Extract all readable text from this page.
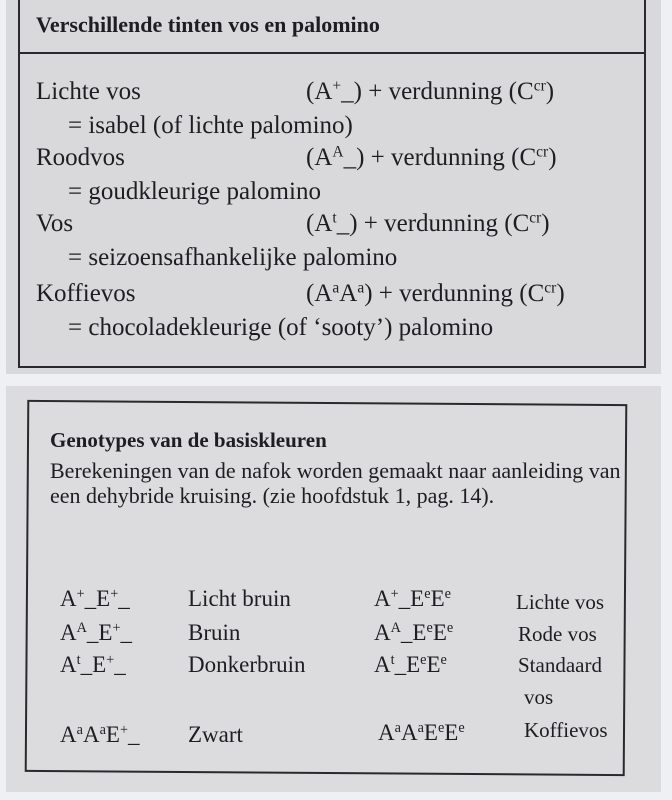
Verschillende tinten vos en palomino
Lichte vos	(A+_) + verdunning $(C^{cr})$
= isabel (of lichte palomino)
Roodvos	$(A^A\_)$ + verdunning $(C^{cr})$
= goudkleurige palomino
Vos	$(A^t\_)$ + verdunning $(C^{cr})$
= seizoensafhankelijke palomino
Koffievos	$(A^aA^a)$ + verdunning $(C^{cr})$
= chocoladekleurige (of ‘sooty’) palomino
Genotypes van de basiskleuren

Berekeningen van de nafok worden gemaakt naar aanleiding van een dehybride kruising. (zie hoofdstuk 1, pag. 14).

A+_E+_	Licht bruin	$A^+\_E^eE^e$	Lichte vos
$A^A\_E^+\_$ Bruin	$A^A\_E^eE^e$	Rode vos
$A^t\_E^+\_$	Donkerbruin	$A^t\_E^eE^e$	Standaard
vos
$A^aA^aE^+\_$ Zwart	$A^aA^aE^eE^e$	Koffievos
